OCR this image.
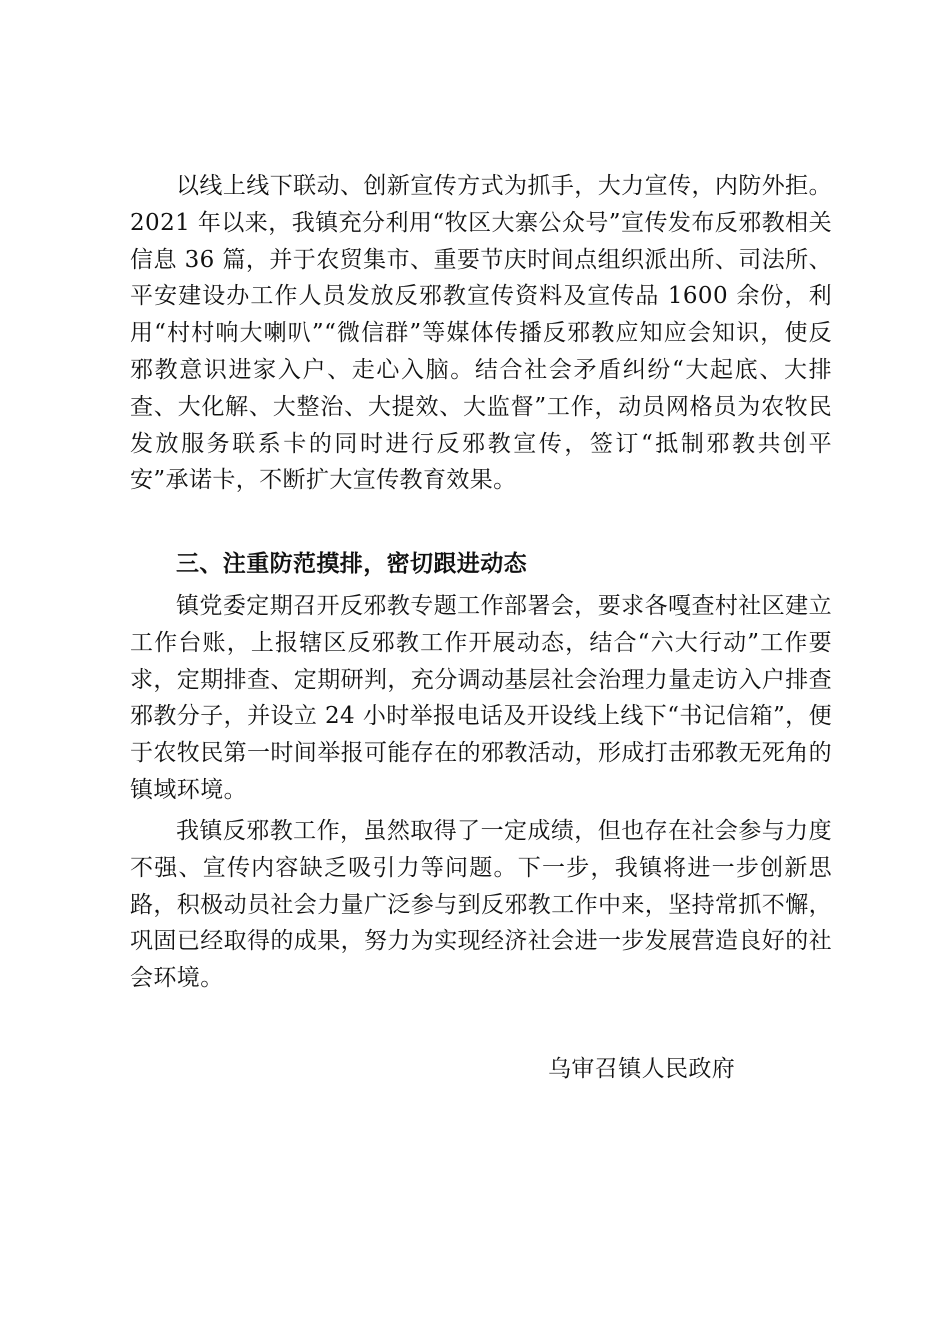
以线上线下联动、创新宣传方式为抓手，大力宣传，内防外拒。2021 年以来，我镇充分利用“牧区大寨公众号”宣传发布反邪教相关信息 36 篇，并于农贸集市、重要节庆时间点组织派出所、司法所、平安建设办工作人员发放反邪教宣传资料及宣传品 1600 余份，利用“村村响大喇叭”“微信群”等媒体传播反邪教应知应会知识，使反邪教意识进家入户、走心入脑。结合社会矛盾纠纷“大起底、大排查、大化解、大整治、大提效、大监督”工作，动员网格员为农牧民发放服务联系卡的同时进行反邪教宣传，签订“抵制邪教共创平安”承诺卡，不断扩大宣传教育效果。

三、注重防范摸排，密切跟进动态

镇党委定期召开反邪教专题工作部署会，要求各嘎查村社区建立工作台账，上报辖区反邪教工作开展动态，结合“六大行动”工作要求，定期排查、定期研判，充分调动基层社会治理力量走访入户排查邪教分子，并设立 24 小时举报电话及开设线上线下“书记信箱”，便于农牧民第一时间举报可能存在的邪教活动，形成打击邪教无死角的镇域环境。

我镇反邪教工作，虽然取得了一定成绩，但也存在社会参与力度不强、宣传内容缺乏吸引力等问题。下一步，我镇将进一步创新思路，积极动员社会力量广泛参与到反邪教工作中来，坚持常抓不懈，巩固已经取得的成果，努力为实现经济社会进一步发展营造良好的社会环境。

乌审召镇人民政府
